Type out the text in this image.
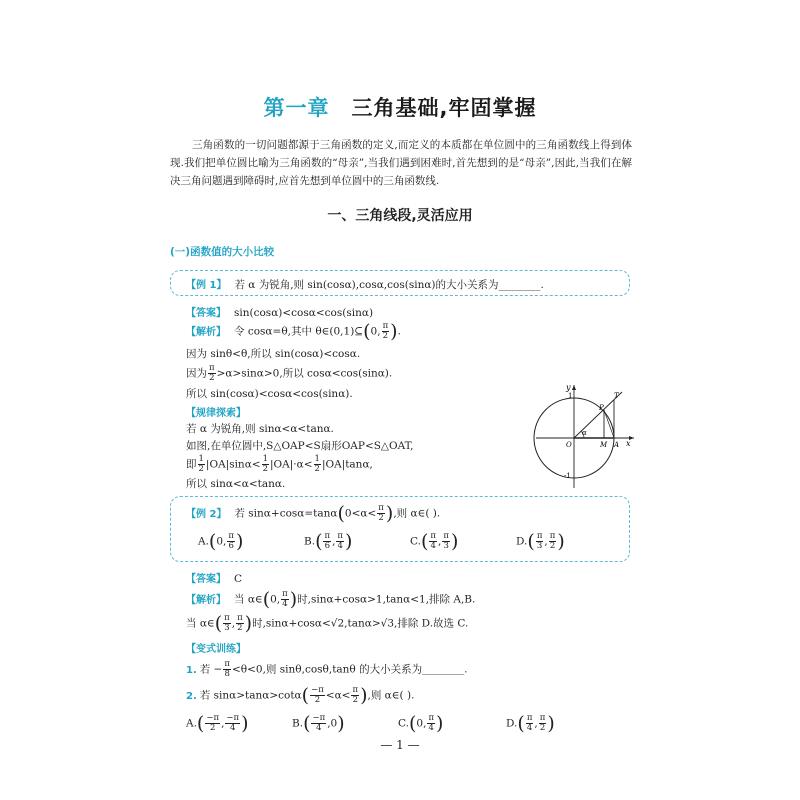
第一章 三角基础,牢固掌握
三角函数的一切问题都源于三角函数的定义,而定义的本质都在单位圆中的三角函数线上得到体现.我们把单位圆比喻为三角函数的“母亲”,当我们遇到困难时,首先想到的是“母亲”,因此,当我们在解决三角问题遇到障碍时,应首先想到单位圆中的三角函数线.
一、三角线段,灵活应用
(一)函数值的大小比较
【例 1】 若 α 为锐角,则 sin(cosα),cosα,cos(sinα)的大小关系为________.
【答案】 sin(cosα)<cosα<cos(sinα)
【解析】 令 cosα=θ,其中 θ∈(0,1)⊆(0, $\frac{\pi}{2}$ ).
因为 sinθ<θ,所以 sin(cosα)<cosα.
因为 $\frac{\pi}{2} >\alpha>\sin\alpha>0$,所以 cosα<cos(sinα).
所以 sin(cosα)<cosα<cos(sinα).
【规律探索】
若 α 为锐角,则 sinα<α<tanα.
如图,在单位圆中,S△OAP<S扇形OAP<S△OAT,
即 $\frac{1}{2} |OA|\sin\alpha< \frac{1}{2} |OA|\cdot\alpha< \frac{1}{2} |OA|\tan\alpha$,
所以 sinα<α<tanα.
y
x
O	M A
P
T
α
1
-1
【例 2】 若 $\sin\alpha+\cos\alpha=\tan\alpha(0<\alpha< \frac{\pi}{2}$ ),则 α∈( ).
A.(0, $\frac{\pi}{6}$ )	$B.( \frac{\pi}{6}$ , $\frac{\pi}{4}$ )	$C.( \frac{\pi}{4}$ , $\frac{\pi}{3}$ )	$D.( \frac{\pi}{3}$ , $\frac{\pi}{2}$ )
【答案】 C
【解析】 当 α∈(0, $\frac{\pi}{4}$ )时,sinα+cosα>1,tanα<1,排除 A,B.
当 α∈( $\frac{\pi}{3}$ , $\frac{\pi}{2}$ )时,sinα+cosα<√2,tanα>√3,排除 D.故选 C.
【变式训练】
1. 若 − $\frac{\pi}{8} <\theta<0$,则 sinθ,cosθ,tanθ 的大小关系为________.
2. 若 $\sin\alpha>\tan\alpha>\cot\alpha( \frac{-\pi}{2} <\alpha< \frac{\pi}{2}$ ),则 α∈( ).
$A.( \frac{-\pi}{2}$ , $\frac{-\pi}{4}$ )	$B.( \frac{-\pi}{4} ,0)$	C.(0, $\frac{\pi}{4}$ )	$D.( \frac{\pi}{4}$ , $\frac{\pi}{2}$ )
— 1 —
